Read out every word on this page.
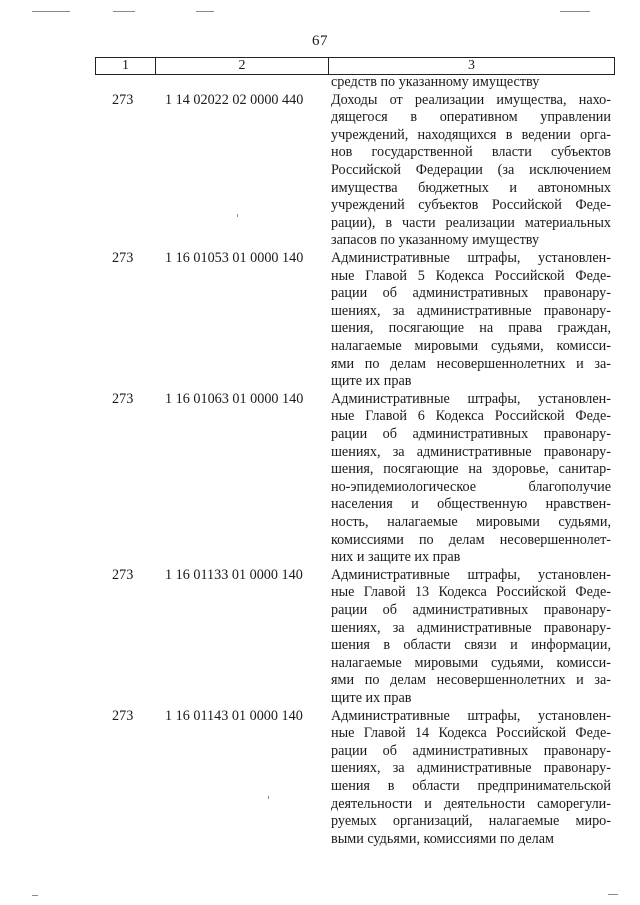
67
1	2	3
средств по указанному имуществу
273	1 14 02022 02 0000 440	Доходы от реализации имущества, нахо-
дящегося в оперативном управлении
учреждений, находящихся в ведении орга-
нов государственной власти субъектов
Российской Федерации (за исключением
имущества бюджетных и автономных
учреждений субъектов Российской Феде-
рации), в части реализации материальных
запасов по указанному имуществу
273	1 16 01053 01 0000 140	Административные штрафы, установлен-
ные Главой 5 Кодекса Российской Феде-
рации об административных правонару-
шениях, за административные правонару-
шения, посягающие на права граждан,
налагаемые мировыми судьями, комисси-
ями по делам несовершеннолетних и за-
щите их прав
273	1 16 01063 01 0000 140	Административные штрафы, установлен-
ные Главой 6 Кодекса Российской Феде-
рации об административных правонару-
шениях, за административные правонару-
шения, посягающие на здоровье, санитар-
но-эпидемиологическое благополучие
населения и общественную нравствен-
ность, налагаемые мировыми судьями,
комиссиями по делам несовершеннолет-
них и защите их прав
273	1 16 01133 01 0000 140	Административные штрафы, установлен-
ные Главой 13 Кодекса Российской Феде-
рации об административных правонару-
шениях, за административные правонару-
шения в области связи и информации,
налагаемые мировыми судьями, комисси-
ями по делам несовершеннолетних и за-
щите их прав
273	1 16 01143 01 0000 140	Административные штрафы, установлен-
ные Главой 14 Кодекса Российской Феде-
рации об административных правонару-
шениях, за административные правонару-
шения в области предпринимательской
деятельности и деятельности саморегули-
руемых организаций, налагаемые миро-
выми судьями, комиссиями по делам
